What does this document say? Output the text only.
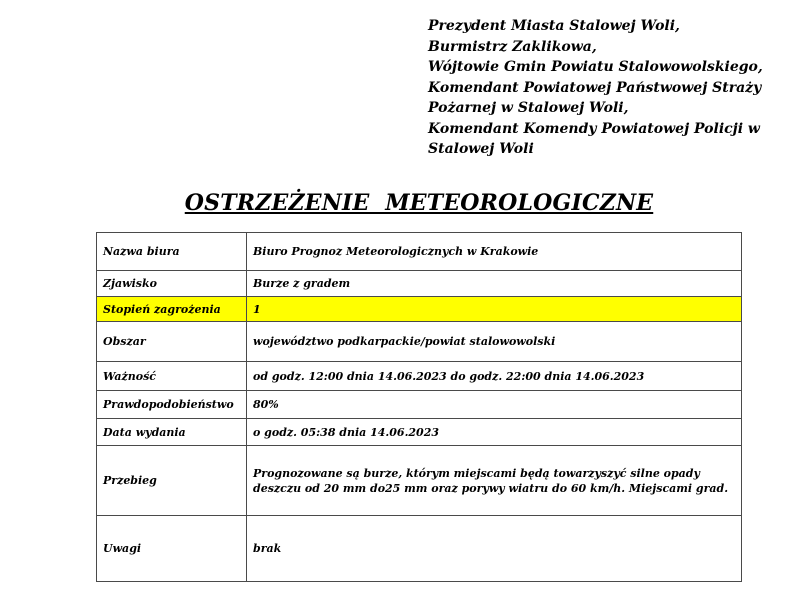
Prezydent Miasta Stalowej Woli,
Burmistrz Zaklikowa,
Wójtowie Gmin Powiatu Stalowowolskiego,
Komendant Powiatowej Państwowej Straży
Pożarnej w Stalowej Woli,
Komendant Komendy Powiatowej Policji w
Stalowej Woli
OSTRZEŻENIE  METEOROLOGICZNE
Nazwa biura	Biuro Prognoz Meteorologicznych w Krakowie
Zjawisko	Burze z gradem
Stopień zagrożenia	1
Obszar	województwo podkarpackie/powiat stalowowolski
Ważność	od godz. 12:00 dnia 14.06.2023 do godz. 22:00 dnia 14.06.2023
Prawdopodobieństwo	80%
Data wydania	o godz. 05:38 dnia 14.06.2023
Przebieg	Prognozowane są burze, którym miejscami będą towarzyszyć silne opady deszczu od 20 mm do25 mm oraz porywy wiatru do 60 km/h. Miejscami grad.
Uwagi	brak
